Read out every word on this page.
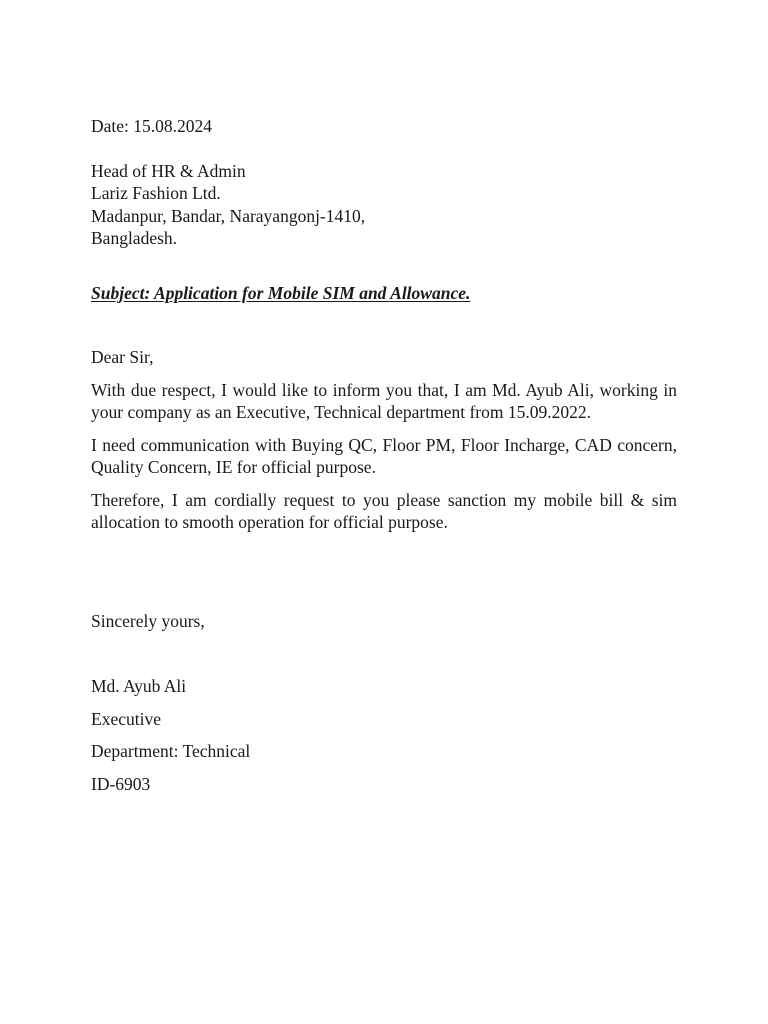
Date: 15.08.2024
Head of HR & Admin
Lariz Fashion Ltd.
Madanpur, Bandar, Narayangonj-1410,
Bangladesh.
Subject: Application for Mobile SIM and Allowance.
Dear Sir,
With due respect, I would like to inform you that, I am Md. Ayub Ali, working in your company as an Executive, Technical department from 15.09.2022.
I need communication with Buying QC, Floor PM, Floor Incharge, CAD concern, Quality Concern, IE for official purpose.
Therefore, I am cordially request to you please sanction my mobile bill & sim allocation to smooth operation for official purpose.
Sincerely yours,
Md. Ayub Ali
Executive
Department: Technical
ID-6903
